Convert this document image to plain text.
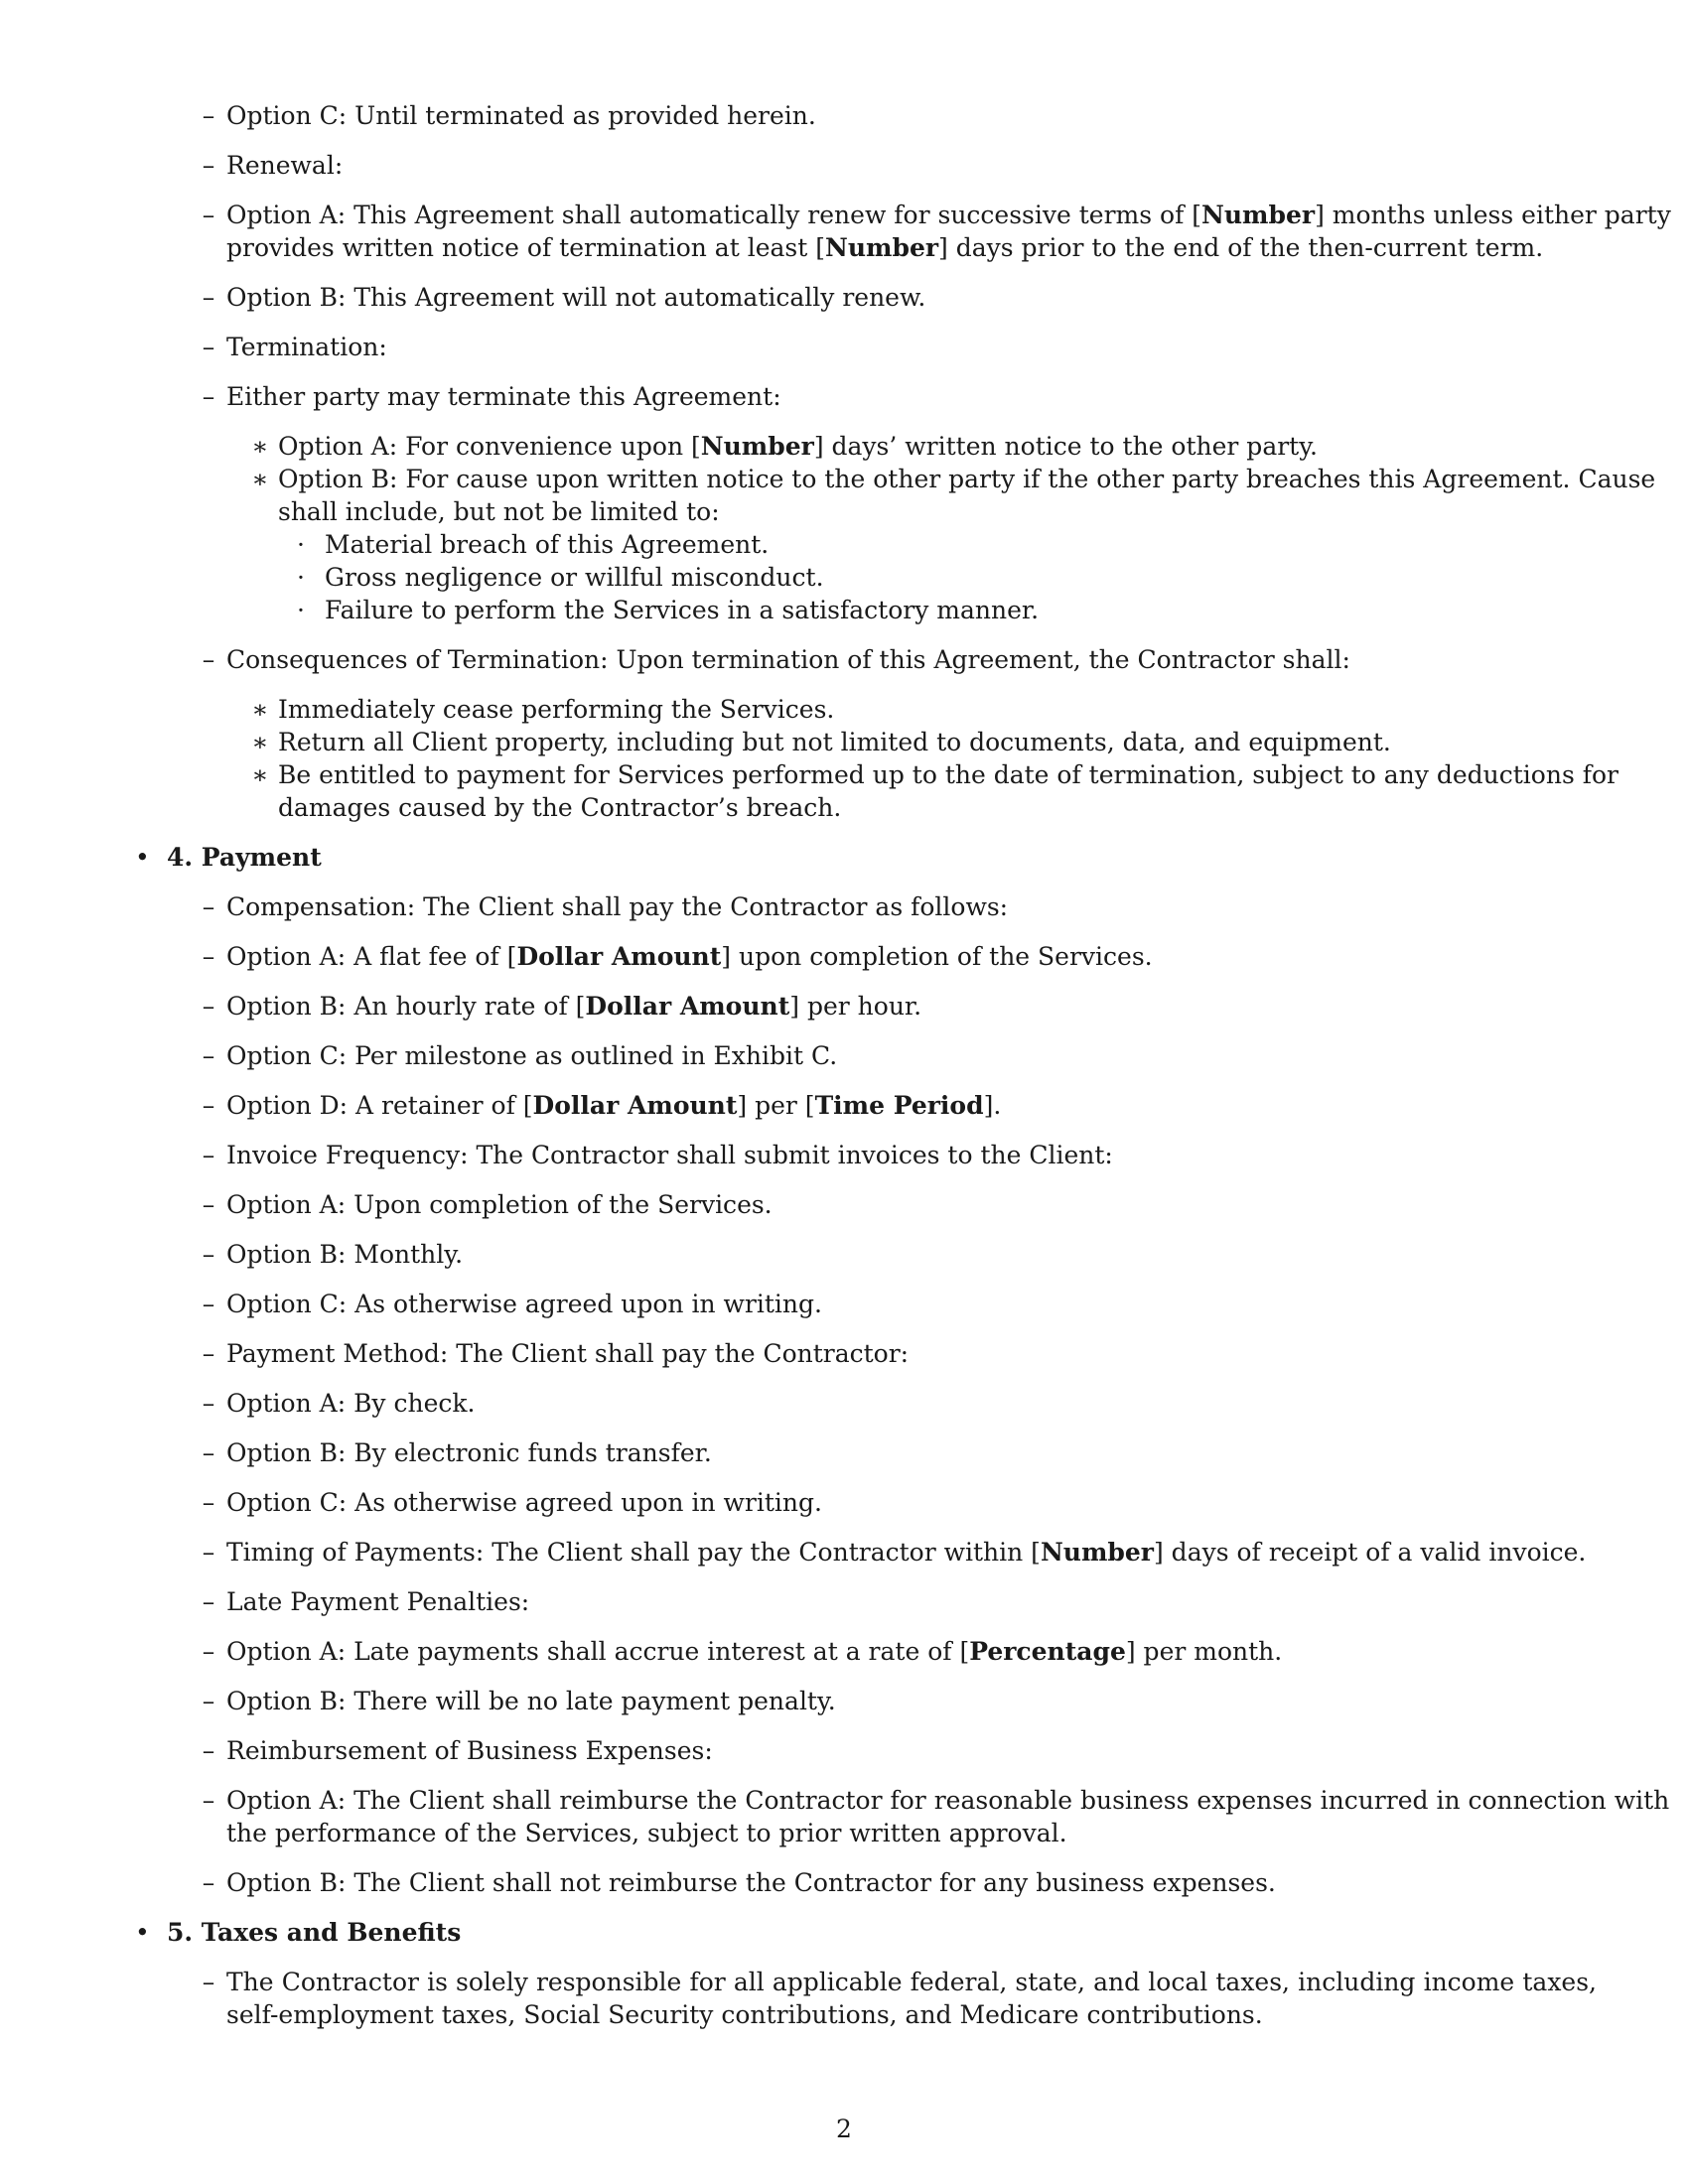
– Option C: Until terminated as provided herein.
– Renewal:
– Option A: This Agreement shall automatically renew for successive terms of [Number] months unless either party
provides written notice of termination at least [Number] days prior to the end of the then-current term.
– Option B: This Agreement will not automatically renew.
– Termination:
– Either party may terminate this Agreement:
∗ Option A: For convenience upon [Number] days’ written notice to the other party.
∗ Option B: For cause upon written notice to the other party if the other party breaches this Agreement. Cause
shall include, but not be limited to:
· Material breach of this Agreement.
· Gross negligence or willful misconduct.
· Failure to perform the Services in a satisfactory manner.
– Consequences of Termination: Upon termination of this Agreement, the Contractor shall:
∗ Immediately cease performing the Services.
∗ Return all Client property, including but not limited to documents, data, and equipment.
∗ Be entitled to payment for Services performed up to the date of termination, subject to any deductions for
damages caused by the Contractor’s breach.
• 4. Payment
– Compensation: The Client shall pay the Contractor as follows:
– Option A: A flat fee of [Dollar Amount] upon completion of the Services.
– Option B: An hourly rate of [Dollar Amount] per hour.
– Option C: Per milestone as outlined in Exhibit C.
– Option D: A retainer of [Dollar Amount] per [Time Period].
– Invoice Frequency: The Contractor shall submit invoices to the Client:
– Option A: Upon completion of the Services.
– Option B: Monthly.
– Option C: As otherwise agreed upon in writing.
– Payment Method: The Client shall pay the Contractor:
– Option A: By check.
– Option B: By electronic funds transfer.
– Option C: As otherwise agreed upon in writing.
– Timing of Payments: The Client shall pay the Contractor within [Number] days of receipt of a valid invoice.
– Late Payment Penalties:
– Option A: Late payments shall accrue interest at a rate of [Percentage] per month.
– Option B: There will be no late payment penalty.
– Reimbursement of Business Expenses:
– Option A: The Client shall reimburse the Contractor for reasonable business expenses incurred in connection with
the performance of the Services, subject to prior written approval.
– Option B: The Client shall not reimburse the Contractor for any business expenses.
• 5. Taxes and Benefits
– The Contractor is solely responsible for all applicable federal, state, and local taxes, including income taxes,
self-employment taxes, Social Security contributions, and Medicare contributions.
2
